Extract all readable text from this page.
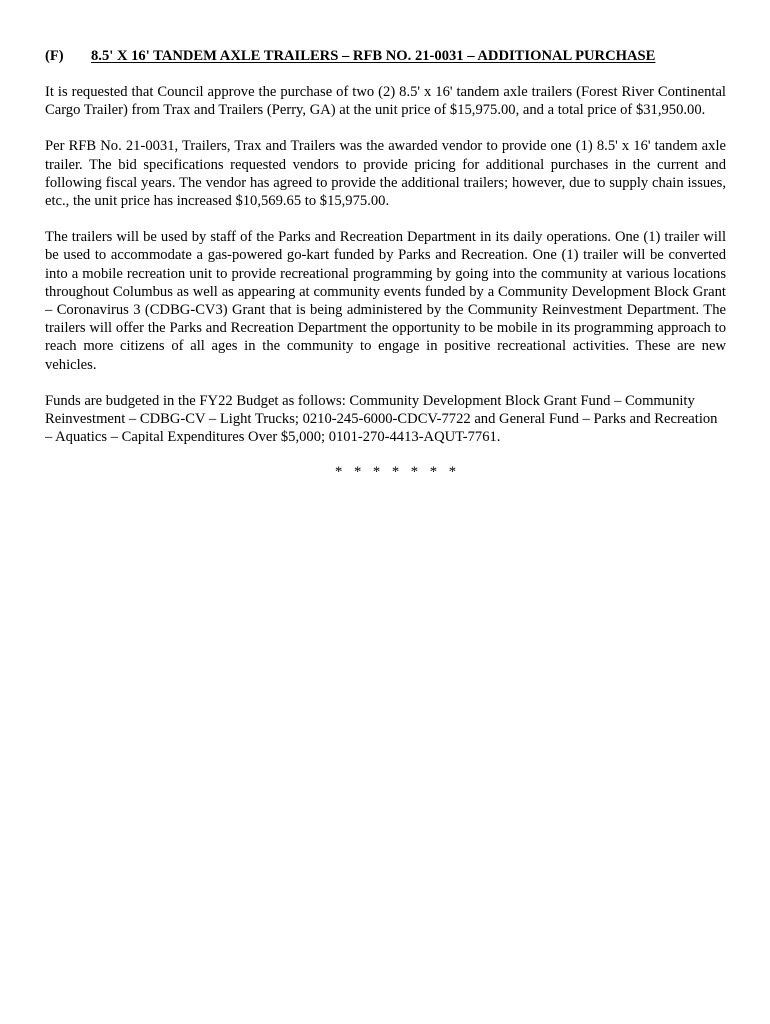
(F)	8.5' X 16' TANDEM AXLE TRAILERS – RFB NO. 21-0031 – ADDITIONAL PURCHASE

It is requested that Council approve the purchase of two (2) 8.5' x 16' tandem axle trailers (Forest River Continental Cargo Trailer) from Trax and Trailers (Perry, GA) at the unit price of $15,975.00, and a total price of $31,950.00.

Per RFB No. 21-0031, Trailers, Trax and Trailers was the awarded vendor to provide one (1) 8.5' x 16' tandem axle trailer. The bid specifications requested vendors to provide pricing for additional purchases in the current and following fiscal years. The vendor has agreed to provide the additional trailers; however, due to supply chain issues, etc., the unit price has increased $10,569.65 to $15,975.00.

The trailers will be used by staff of the Parks and Recreation Department in its daily operations. One (1) trailer will be used to accommodate a gas-powered go-kart funded by Parks and Recreation. One (1) trailer will be converted into a mobile recreation unit to provide recreational programming by going into the community at various locations throughout Columbus as well as appearing at community events funded by a Community Development Block Grant – Coronavirus 3 (CDBG-CV3) Grant that is being administered by the Community Reinvestment Department. The trailers will offer the Parks and Recreation Department the opportunity to be mobile in its programming approach to reach more citizens of all ages in the community to engage in positive recreational activities. These are new vehicles.

Funds are budgeted in the FY22 Budget as follows: Community Development Block Grant Fund – Community Reinvestment – CDBG-CV – Light Trucks; 0210-245-6000-CDCV-7722 and General Fund – Parks and Recreation – Aquatics – Capital Expenditures Over $5,000; 0101-270-4413-AQUT-7761.

* * * * * * *
